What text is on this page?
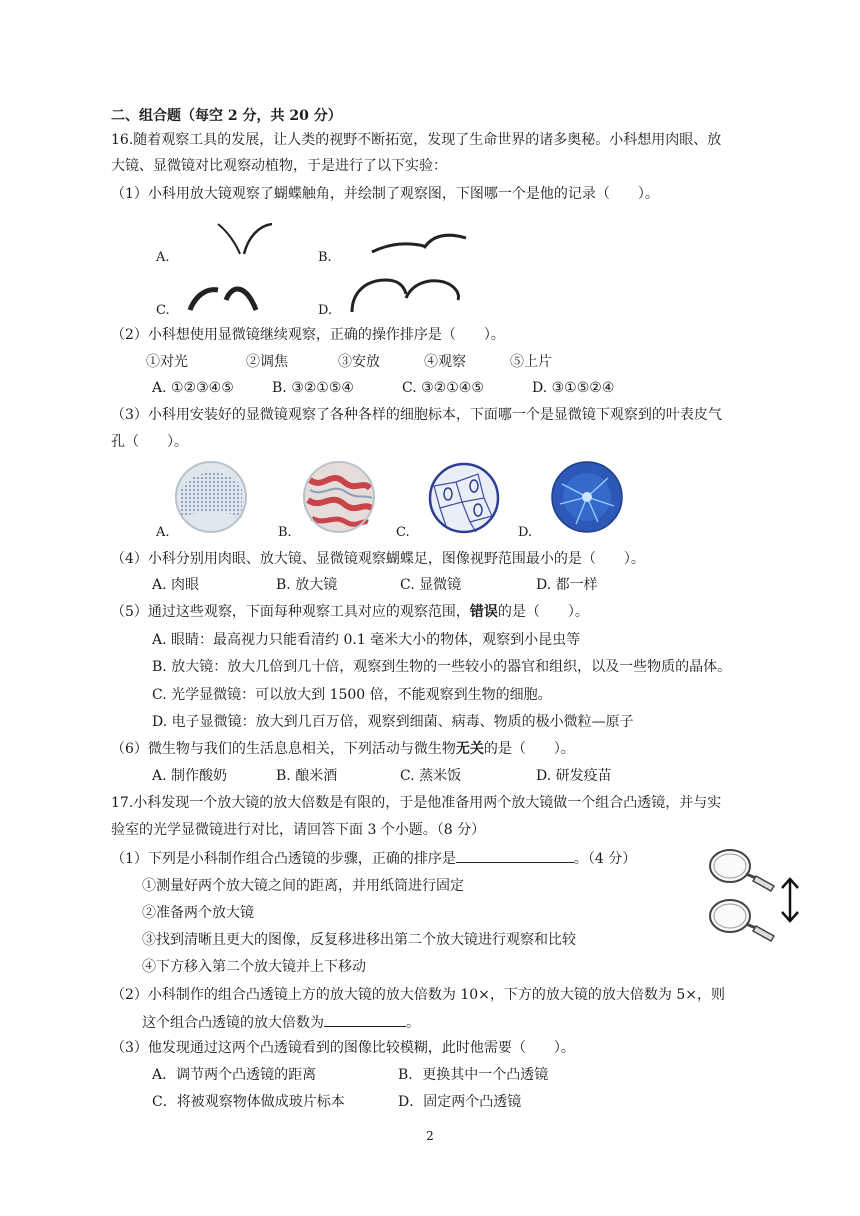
二、组合题（每空 2 分，共 20 分）
16.随着观察工具的发展，让人类的视野不断拓宽，发现了生命世界的诸多奥秘。小科想用肉眼、放
大镜、显微镜对比观察动植物，于是进行了以下实验：
（1）小科用放大镜观察了蝴蝶触角，并绘制了观察图，下图哪一个是他的记录（　　）。
A.	B.
C.	D.
（2）小科想使用显微镜继续观察，正确的操作排序是（　　）。
①对光	②调焦	③安放	④观察	⑤上片
A. ①②③④⑤	B. ③②①⑤④	C. ③②①④⑤	D. ③①⑤②④
（3）小科用安装好的显微镜观察了各种各样的细胞标本，下面哪一个是显微镜下观察到的叶表皮气
孔（　　）。
A.	B.	C.	D.
（4）小科分别用肉眼、放大镜、显微镜观察蝴蝶足，图像视野范围最小的是（　　）。
A. 肉眼	B. 放大镜	C. 显微镜	D. 都一样
（5）通过这些观察，下面每种观察工具对应的观察范围，错误的是（　　）。
A. 眼睛：最高视力只能看清约 0.1 毫米大小的物体，观察到小昆虫等
B. 放大镜：放大几倍到几十倍，观察到生物的一些较小的器官和组织，以及一些物质的晶体。
C. 光学显微镜：可以放大到 1500 倍，不能观察到生物的细胞。
D. 电子显微镜：放大到几百万倍，观察到细菌、病毒、物质的极小微粒—原子
（6）微生物与我们的生活息息相关，下列活动与微生物无关的是（　　）。
A. 制作酸奶	B. 酿米酒	C. 蒸米饭	D. 研发疫苗
17.小科发现一个放大镜的放大倍数是有限的，于是他准备用两个放大镜做一个组合凸透镜，并与实
验室的光学显微镜进行对比，请回答下面 3 个小题。（8 分）
（1）下列是小科制作组合凸透镜的步骤，正确的排序是	。（4 分）
①测量好两个放大镜之间的距离，并用纸筒进行固定
②准备两个放大镜
③找到清晰且更大的图像，反复移进移出第二个放大镜进行观察和比较
④下方移入第二个放大镜并上下移动
（2）小科制作的组合凸透镜上方的放大镜的放大倍数为 10×，下方的放大镜的放大倍数为 5×，则
这个组合凸透镜的放大倍数为	。
（3）他发现通过这两个凸透镜看到的图像比较模糊，此时他需要（　　）。
A．调节两个凸透镜的距离	B．更换其中一个凸透镜
C．将被观察物体做成玻片标本	D．固定两个凸透镜
2
